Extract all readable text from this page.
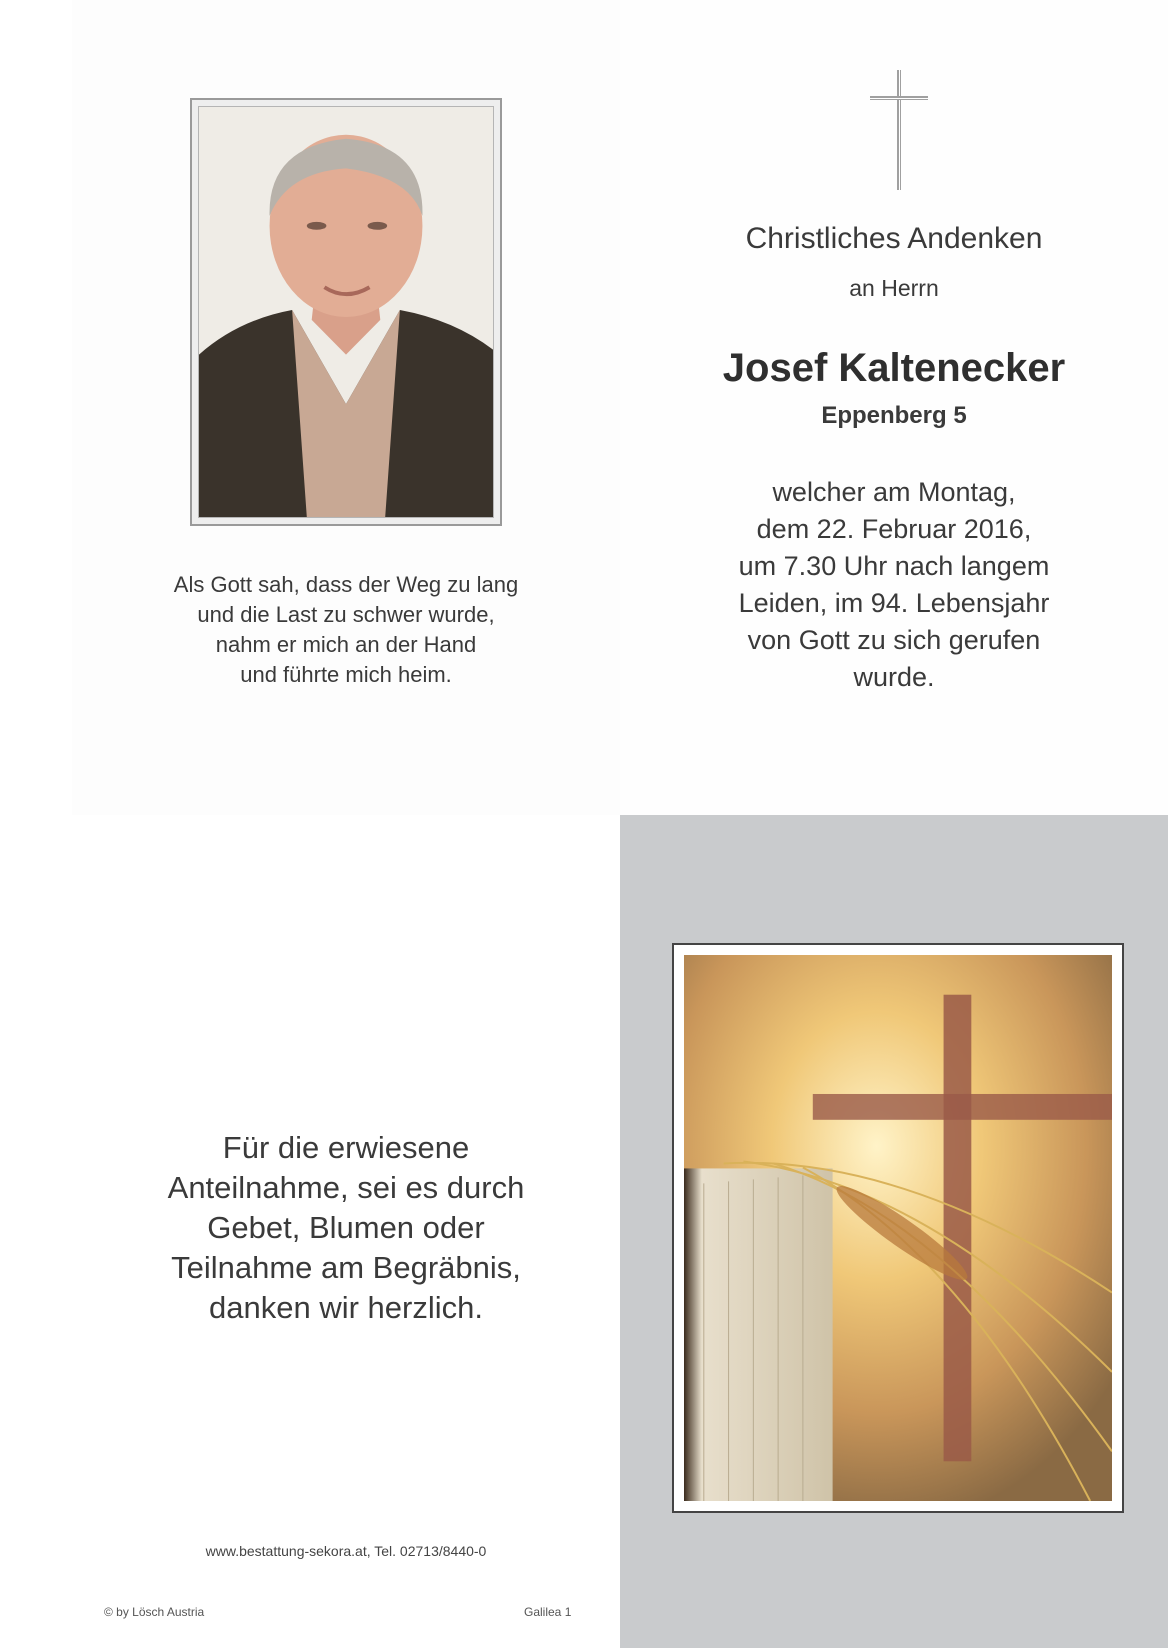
Als Gott sah, dass der Weg zu lang
und die Last zu schwer wurde,
nahm er mich an der Hand
und führte mich heim.
Christliches Andenken
an Herrn
Josef Kaltenecker
Eppenberg 5
welcher am Montag,
dem 22. Februar 2016,
um 7.30 Uhr nach langem
Leiden, im 94. Lebensjahr
von Gott zu sich gerufen
wurde.
Für die erwiesene
Anteilnahme, sei es durch
Gebet, Blumen oder
Teilnahme am Begräbnis,
danken wir herzlich.
www.bestattung-sekora.at, Tel. 02713/8440-0
© by Lösch Austria	Galilea 1
